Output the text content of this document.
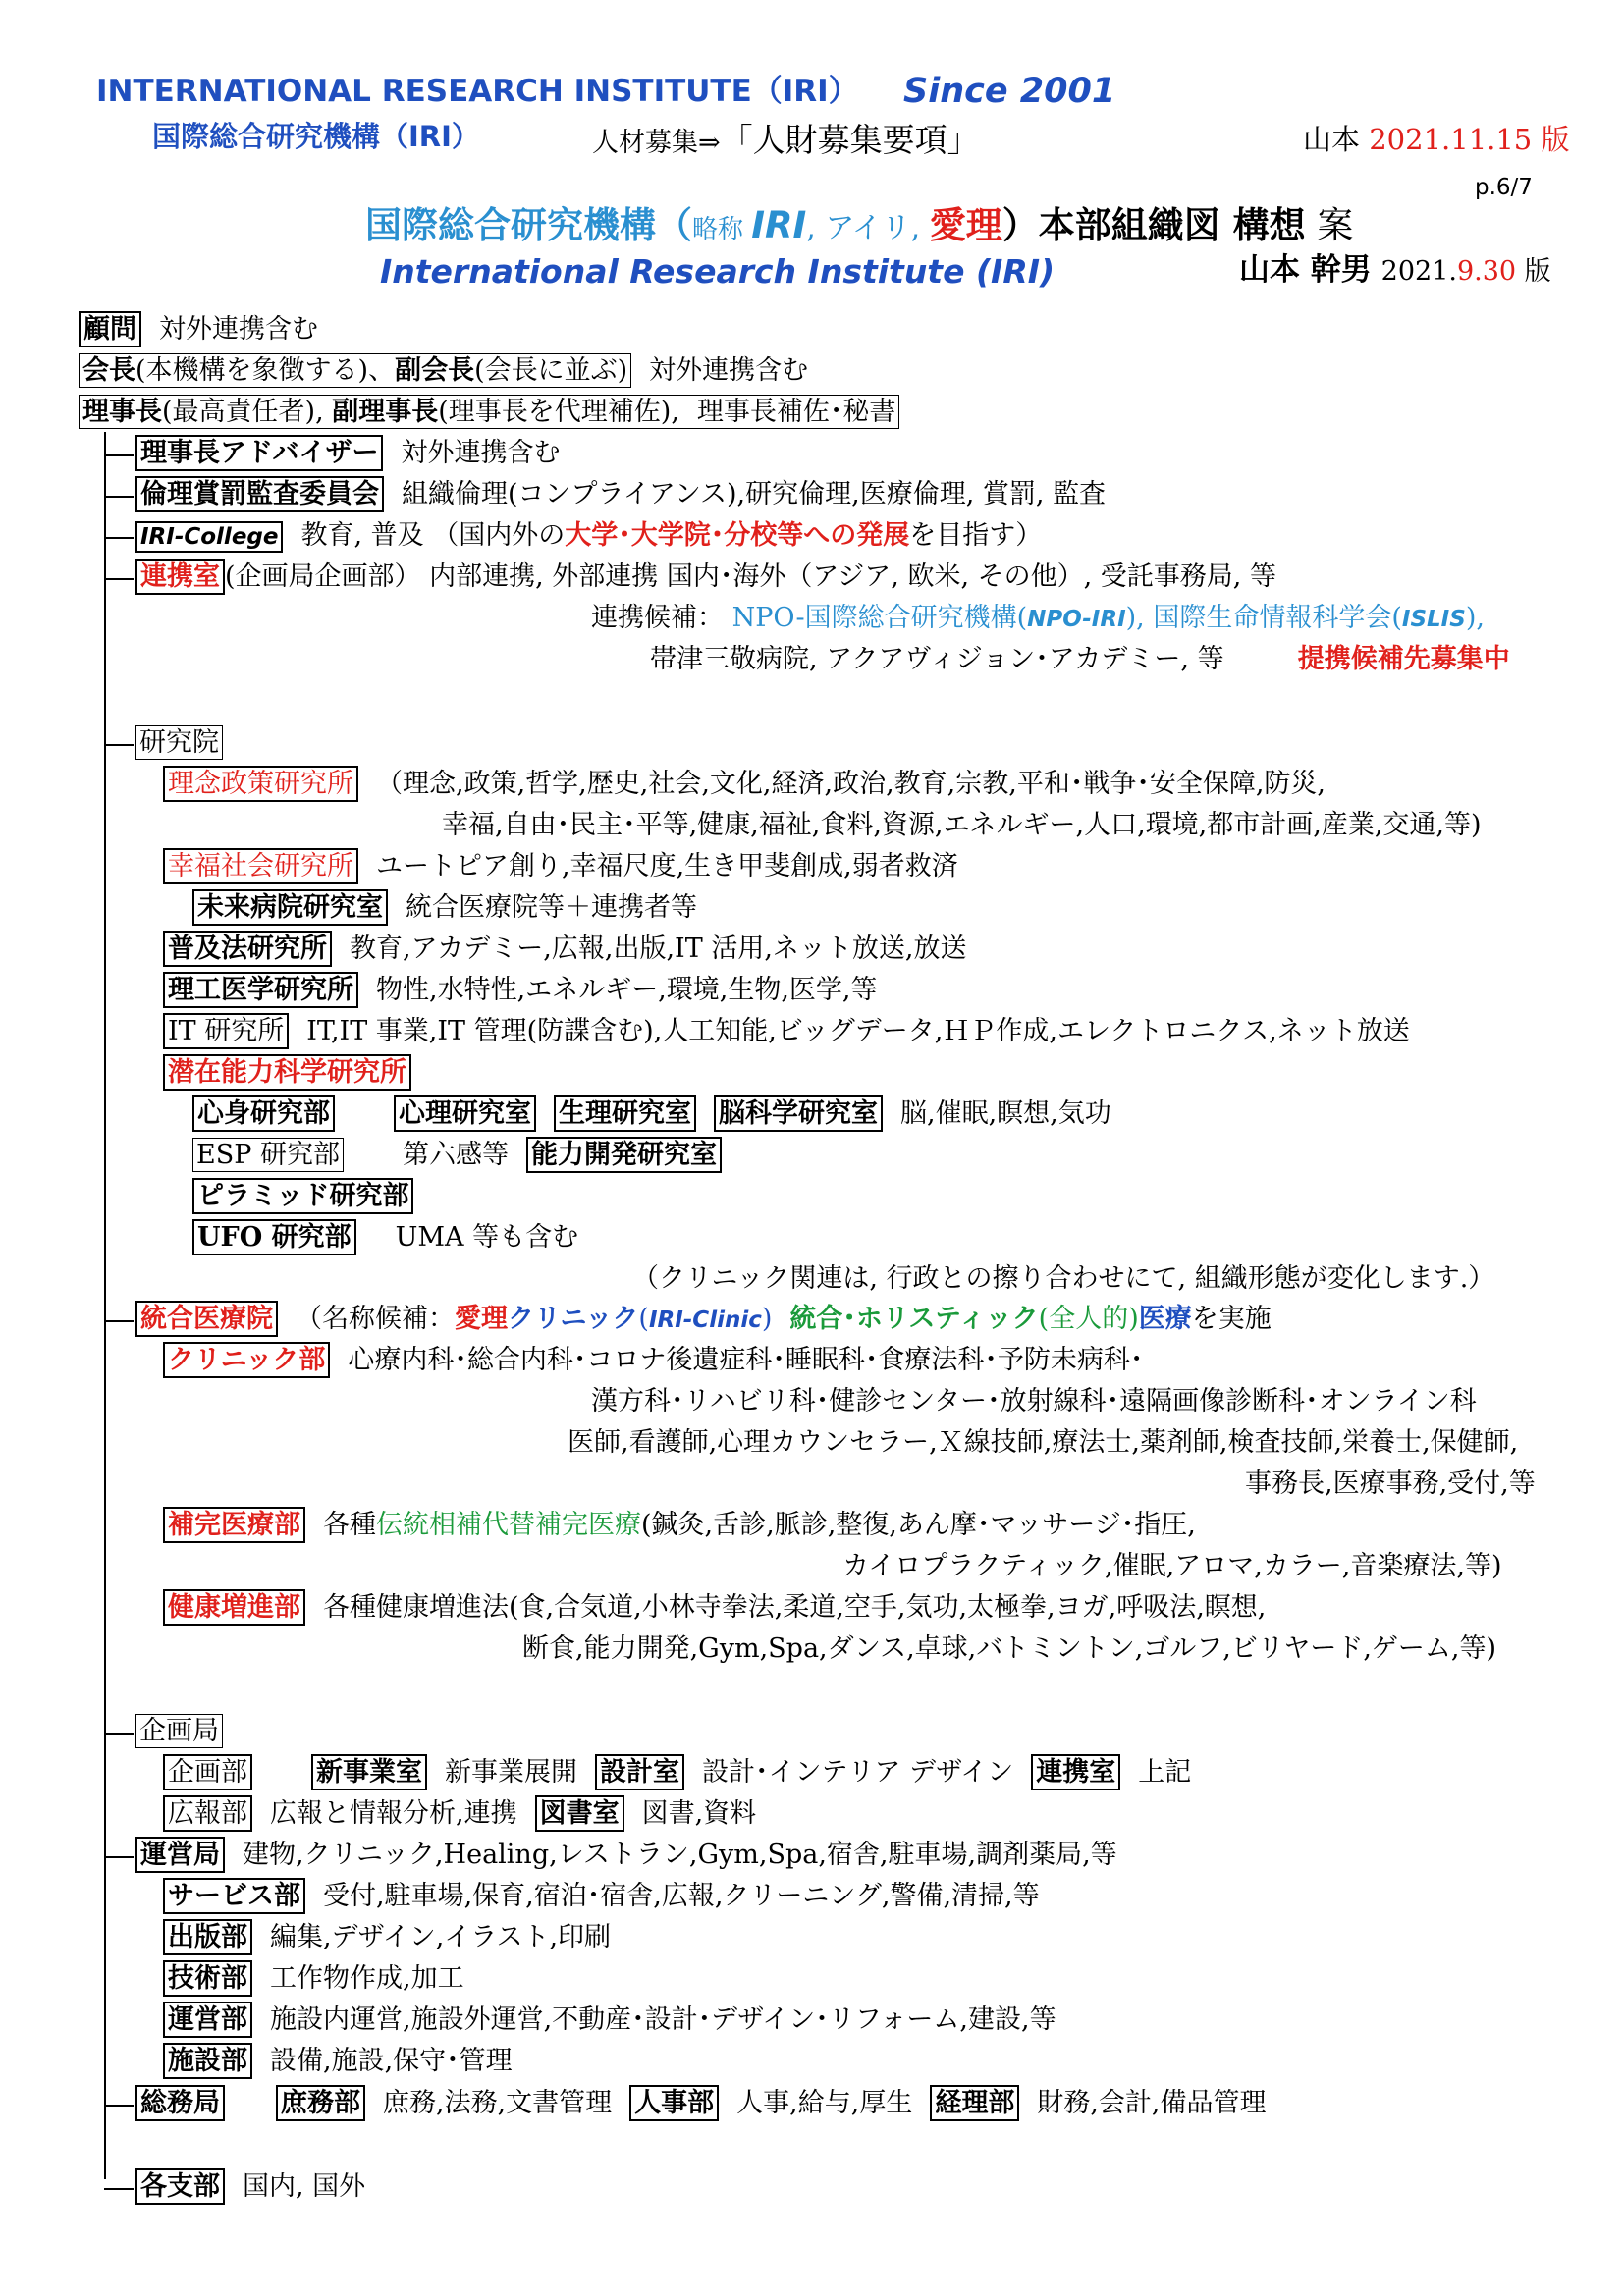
INTERNATIONAL RESEARCH INSTITUTE（IRI） Since 2001
国際総合研究機構（IRI）	人材募集⇒「人財募集要項」	山本 2021.11.15 版
p.6/7
国際総合研究機構（略称 IRI, アイリ, 愛理）本部組織図 構想 案
International Research Institute (IRI)	山本 幹男 2021.9.30 版
顧問 対外連携含む
会長(本機構を象徴する)、副会長(会長に並ぶ) 対外連携含む
理事長(最高責任者), 副理事長(理事長を代理補佐), 理事長補佐･秘書
理事長アドバイザー 対外連携含む
倫理賞罰監査委員会 組織倫理(コンプライアンス),研究倫理,医療倫理, 賞罰, 監査
IRI-College 教育, 普及 （国内外の大学･大学院･分校等への発展を目指す）
連携室 (企画局企画部） 内部連携, 外部連携 国内･海外（アジア, 欧米, その他）, 受託事務局, 等
連携候補： NPO-国際総合研究機構(NPO-IRI), 国際生命情報科学会(ISLIS),
帯津三敬病院, アクアヴィジョン･アカデミー, 等	提携候補先募集中
研究院
理念政策研究所 （理念,政策,哲学,歴史,社会,文化,経済,政治,教育,宗教,平和･戦争･安全保障,防災,
幸福,自由･民主･平等,健康,福祉,食料,資源,エネルギー,人口,環境,都市計画,産業,交通,等)
幸福社会研究所 ユートピア創り,幸福尺度,生き甲斐創成,弱者救済
未来病院研究室 統合医療院等＋連携者等
普及法研究所 教育,アカデミー,広報,出版,IT 活用,ネット放送,放送
理工医学研究所 物性,水特性,エネルギー,環境,生物,医学,等
IT 研究所 IT,IT 事業,IT 管理(防諜含む),人工知能,ビッグデータ,ＨＰ作成,エレクトロニクス,ネット放送
潜在能力科学研究所
心身研究部	心理研究室 生理研究室 脳科学研究室 脳,催眠,瞑想,気功
ESP 研究部 第六感等 能力開発研究室
ピラミッド研究部
UFO 研究部 UMA 等も含む
（クリニック関連は, 行政との擦り合わせにて, 組織形態が変化します.）
統合医療院 （名称候補：愛理クリニック(IRI-Clinic) 統合･ホリスティック(全人的)医療を実施
クリニック部 心療内科･総合内科･コロナ後遺症科･睡眠科･食療法科･予防未病科･
漢方科･リハビリ科･健診センター･放射線科･遠隔画像診断科･オンライン科
医師,看護師,心理カウンセラー,Ｘ線技師,療法士,薬剤師,検査技師,栄養士,保健師,
事務長,医療事務,受付,等
補完医療部 各種伝統相補代替補完医療(鍼灸,舌診,脈診,整復,あん摩･マッサージ･指圧,
カイロプラクティック,催眠,アロマ,カラー,音楽療法,等)
健康増進部 各種健康増進法(食,合気道,小林寺拳法,柔道,空手,気功,太極拳,ヨガ,呼吸法,瞑想,
断食,能力開発,Gym,Spa,ダンス,卓球,バトミントン,ゴルフ,ビリヤード,ゲーム,等)
企画局
企画部	新事業室 新事業展開 設計室 設計･インテリア デザイン 連携室 上記
広報部 広報と情報分析,連携 図書室 図書,資料
運営局 建物,クリニック,Healing,レストラン,Gym,Spa,宿舎,駐車場,調剤薬局,等
サービス部 受付,駐車場,保育,宿泊･宿舎,広報,クリーニング,警備,清掃,等
出版部 編集,デザイン,イラスト,印刷
技術部 工作物作成,加工
運営部 施設内運営,施設外運営,不動産･設計･デザイン･リフォーム,建設,等
施設部 設備,施設,保守･管理
総務局 庶務部 庶務,法務,文書管理 人事部 人事,給与,厚生 経理部 財務,会計,備品管理
各支部 国内, 国外
